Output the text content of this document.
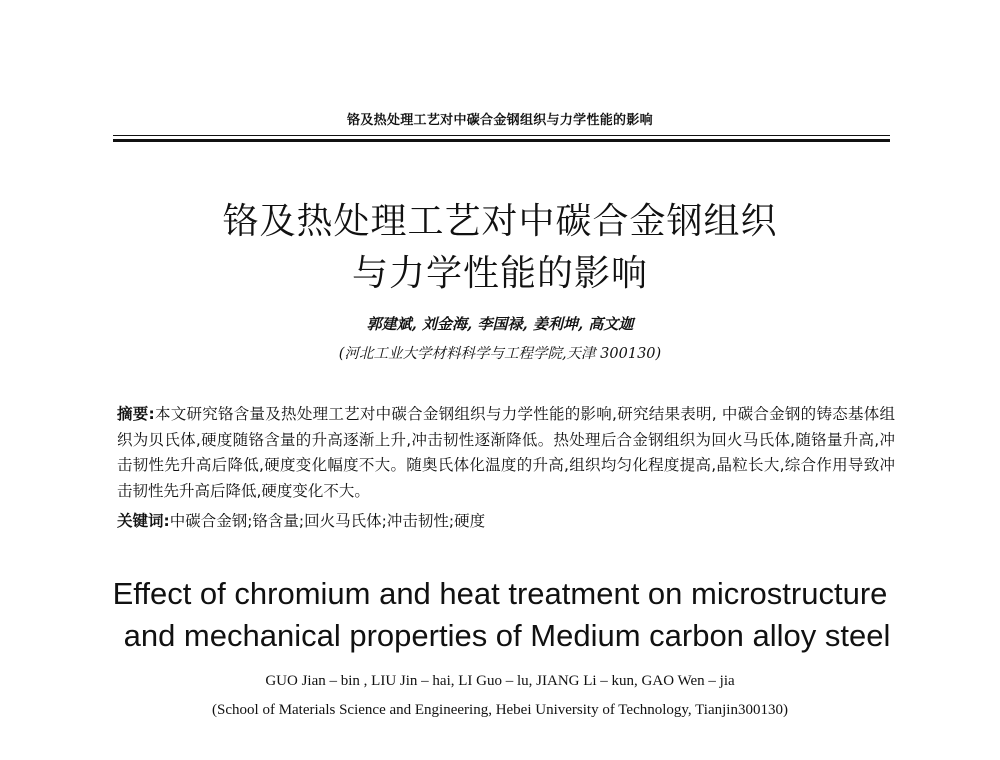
铬及热处理工艺对中碳合金钢组织与力学性能的影响
铬及热处理工艺对中碳合金钢组织
与力学性能的影响
郭建斌, 刘金海, 李国禄, 姜利坤, 高文迦
(河北工业大学材料科学与工程学院,天津 300130)
摘要:本文研究铬含量及热处理工艺对中碳合金钢组织与力学性能的影响,研究结果表明, 中碳合金钢的铸态基体组织为贝氏体,硬度随铬含量的升高逐渐上升,冲击韧性逐渐降低。热处理后合金钢组织为回火马氏体,随铬量升高,冲击韧性先升高后降低,硬度变化幅度不大。随奥氏体化温度的升高,组织均匀化程度提高,晶粒长大,综合作用导致冲击韧性先升高后降低,硬度变化不大。
关键词:中碳合金钢;铬含量;回火马氏体;冲击韧性;硬度
Effect of chromium and heat treatment on microstructure
and mechanical properties of Medium carbon alloy steel
GUO Jian – bin , LIU Jin – hai, LI Guo – lu, JIANG Li – kun, GAO Wen – jia
(School of Materials Science and Engineering, Hebei University of Technology, Tianjin300130)
